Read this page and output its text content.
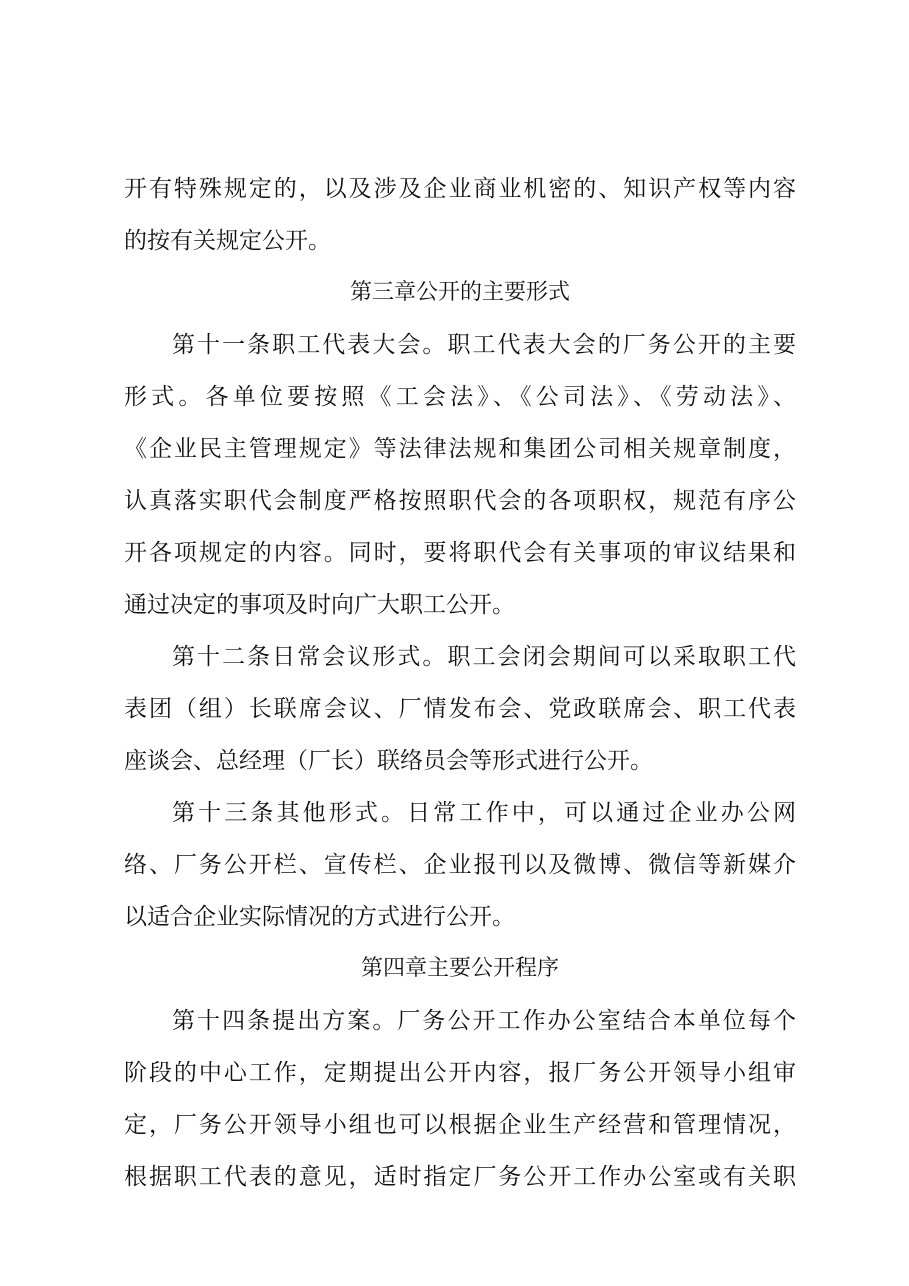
开有特殊规定的，以及涉及企业商业机密的、知识产权等内容
的按有关规定公开。
第三章公开的主要形式
第十一条职工代表大会。职工代表大会的厂务公开的主要
形式。各单位要按照《工会法》、《公司法》、《劳动法》、
《企业民主管理规定》等法律法规和集团公司相关规章制度，
认真落实职代会制度严格按照职代会的各项职权，规范有序公
开各项规定的内容。同时，要将职代会有关事项的审议结果和
通过决定的事项及时向广大职工公开。
第十二条日常会议形式。职工会闭会期间可以采取职工代
表团（组）长联席会议、厂情发布会、党政联席会、职工代表
座谈会、总经理（厂长）联络员会等形式进行公开。
第十三条其他形式。日常工作中，可以通过企业办公网
络、厂务公开栏、宣传栏、企业报刊以及微博、微信等新媒介
以适合企业实际情况的方式进行公开。
第四章主要公开程序
第十四条提出方案。厂务公开工作办公室结合本单位每个
阶段的中心工作，定期提出公开内容，报厂务公开领导小组审
定，厂务公开领导小组也可以根据企业生产经营和管理情况，
根据职工代表的意见，适时指定厂务公开工作办公室或有关职
